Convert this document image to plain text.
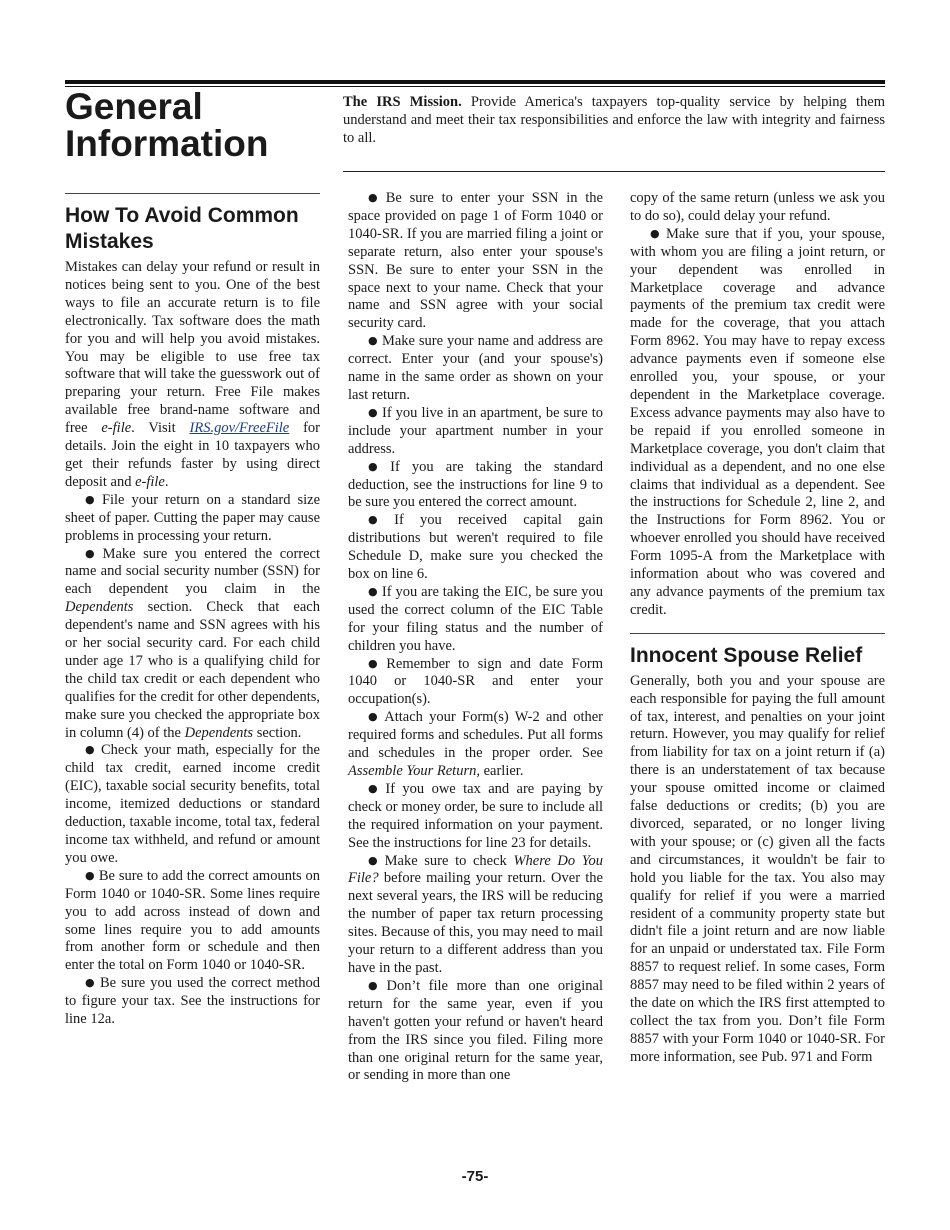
General
Information

The IRS Mission. Provide America's taxpayers top-quality service by helping them understand and meet their tax responsibilities and enforce the law with integrity and fairness to all.

How To Avoid Common Mistakes

Mistakes can delay your refund or result in notices being sent to you. One of the best ways to file an accurate return is to file electronically. Tax software does the math for you and will help you avoid mistakes. You may be eligible to use free tax software that will take the guesswork out of preparing your return. Free File makes available free brand-name software and free e-file. Visit IRS.gov/FreeFile for details. Join the eight in 10 taxpayers who get their refunds faster by using direct deposit and e-file.

● File your return on a standard size sheet of paper. Cutting the paper may cause problems in processing your return.

● Make sure you entered the correct name and social security number (SSN) for each dependent you claim in the Dependents section. Check that each dependent's name and SSN agrees with his or her social security card. For each child under age 17 who is a qualifying child for the child tax credit or each dependent who qualifies for the credit for other dependents, make sure you checked the appropriate box in column (4) of the Dependents section.

● Check your math, especially for the child tax credit, earned income credit (EIC), taxable social security benefits, total income, itemized deductions or standard deduction, taxable income, total tax, federal income tax withheld, and refund or amount you owe.

● Be sure to add the correct amounts on Form 1040 or 1040-SR. Some lines require you to add across instead of down and some lines require you to add amounts from another form or schedule and then enter the total on Form 1040 or 1040-SR.

● Be sure you used the correct method to figure your tax. See the instructions for line 12a.

● Be sure to enter your SSN in the space provided on page 1 of Form 1040 or 1040-SR. If you are married filing a joint or separate return, also enter your spouse's SSN. Be sure to enter your SSN in the space next to your name. Check that your name and SSN agree with your social security card.

● Make sure your name and address are correct. Enter your (and your spouse's) name in the same order as shown on your last return.

● If you live in an apartment, be sure to include your apartment number in your address.

● If you are taking the standard deduction, see the instructions for line 9 to be sure you entered the correct amount.

● If you received capital gain distributions but weren't required to file Schedule D, make sure you checked the box on line 6.

● If you are taking the EIC, be sure you used the correct column of the EIC Table for your filing status and the number of children you have.

● Remember to sign and date Form 1040 or 1040-SR and enter your occupation(s).

● Attach your Form(s) W-2 and other required forms and schedules. Put all forms and schedules in the proper order. See Assemble Your Return, earlier.

● If you owe tax and are paying by check or money order, be sure to include all the required information on your payment. See the instructions for line 23 for details.

● Make sure to check Where Do You File? before mailing your return. Over the next several years, the IRS will be reducing the number of paper tax return processing sites. Because of this, you may need to mail your return to a different address than you have in the past.

● Don’t file more than one original return for the same year, even if you haven't gotten your refund or haven't heard from the IRS since you filed. Filing more than one original return for the same year, or sending in more than one

copy of the same return (unless we ask you to do so), could delay your refund.

● Make sure that if you, your spouse, with whom you are filing a joint return, or your dependent was enrolled in Marketplace coverage and advance payments of the premium tax credit were made for the coverage, that you attach Form 8962. You may have to repay excess advance payments even if someone else enrolled you, your spouse, or your dependent in the Marketplace coverage. Excess advance payments may also have to be repaid if you enrolled someone in Marketplace coverage, you don't claim that individual as a dependent, and no one else claims that individual as a dependent. See the instructions for Schedule 2, line 2, and the Instructions for Form 8962. You or whoever enrolled you should have received Form 1095-A from the Marketplace with information about who was covered and any advance payments of the premium tax credit.

Innocent Spouse Relief

Generally, both you and your spouse are each responsible for paying the full amount of tax, interest, and penalties on your joint return. However, you may qualify for relief from liability for tax on a joint return if (a) there is an understatement of tax because your spouse omitted income or claimed false deductions or credits; (b) you are divorced, separated, or no longer living with your spouse; or (c) given all the facts and circumstances, it wouldn't be fair to hold you liable for the tax. You also may qualify for relief if you were a married resident of a community property state but didn't file a joint return and are now liable for an unpaid or understated tax. File Form 8857 to request relief. In some cases, Form 8857 may need to be filed within 2 years of the date on which the IRS first attempted to collect the tax from you. Don’t file Form 8857 with your Form 1040 or 1040-SR. For more information, see Pub. 971 and Form

-75-
